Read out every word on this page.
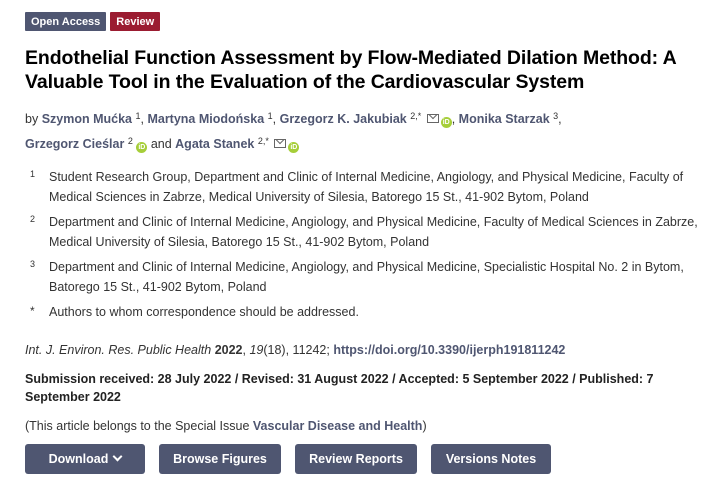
Open Access	Review
Endothelial Function Assessment by Flow-Mediated Dilation Method: A Valuable Tool in the Evaluation of the Cardiovascular System
by Szymon Mućka $^1$, Martyna Miodońska $^1$, Grzegorz K. Jakubiak $^{2,*}$ iD , Monika Starzak $^3$,
Grzegorz Cieślar $^2$ iD and Agata Stanek $^{2,*}$ iD
1	Student Research Group, Department and Clinic of Internal Medicine, Angiology, and Physical Medicine, Faculty of Medical Sciences in Zabrze, Medical University of Silesia, Batorego 15 St., 41-902 Bytom, Poland
2	Department and Clinic of Internal Medicine, Angiology, and Physical Medicine, Faculty of Medical Sciences in Zabrze, Medical University of Silesia, Batorego 15 St., 41-902 Bytom, Poland
3	Department and Clinic of Internal Medicine, Angiology, and Physical Medicine, Specialistic Hospital No. 2 in Bytom, Batorego 15 St., 41-902 Bytom, Poland
*	Authors to whom correspondence should be addressed.
Int. J. Environ. Res. Public Health 2022, 19(18), 11242; https://doi.org/10.3390/ijerph191811242
Submission received: 28 July 2022 / Revised: 31 August 2022 / Accepted: 5 September 2022 / Published: 7 September 2022
(This article belongs to the Special Issue Vascular Disease and Health)
Download	Browse Figures	Review Reports	Versions Notes
